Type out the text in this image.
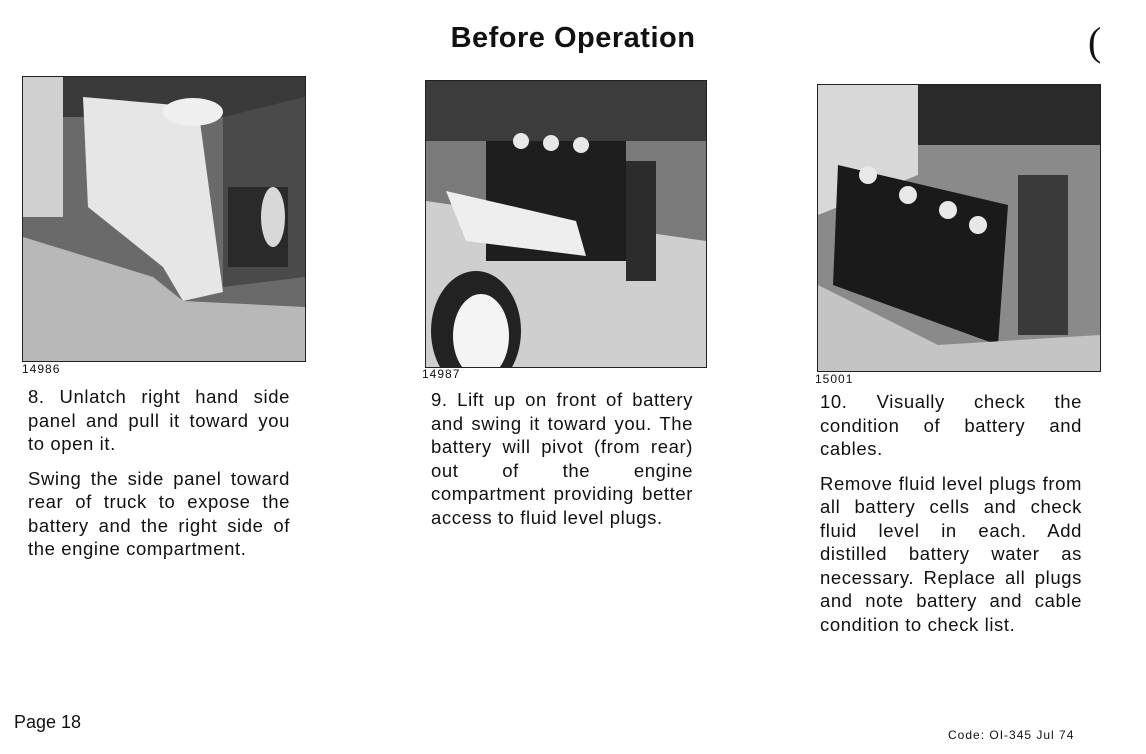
Before Operation	(
14986

8. Unlatch right hand side panel and pull it toward you to open it.

Swing the side panel toward rear of truck to expose the battery and the right side of the engine compartment.

14987

9. Lift up on front of battery and swing it toward you. The battery will pivot (from rear) out of the engine compartment providing better access to fluid level plugs.

15001

10. Visually check the condition of battery and cables.

Remove fluid level plugs from all battery cells and check fluid level in each. Add distilled battery water as necessary. Replace all plugs and note battery and cable condition to check list.

Page 18
Code: OI-345 Jul 74
